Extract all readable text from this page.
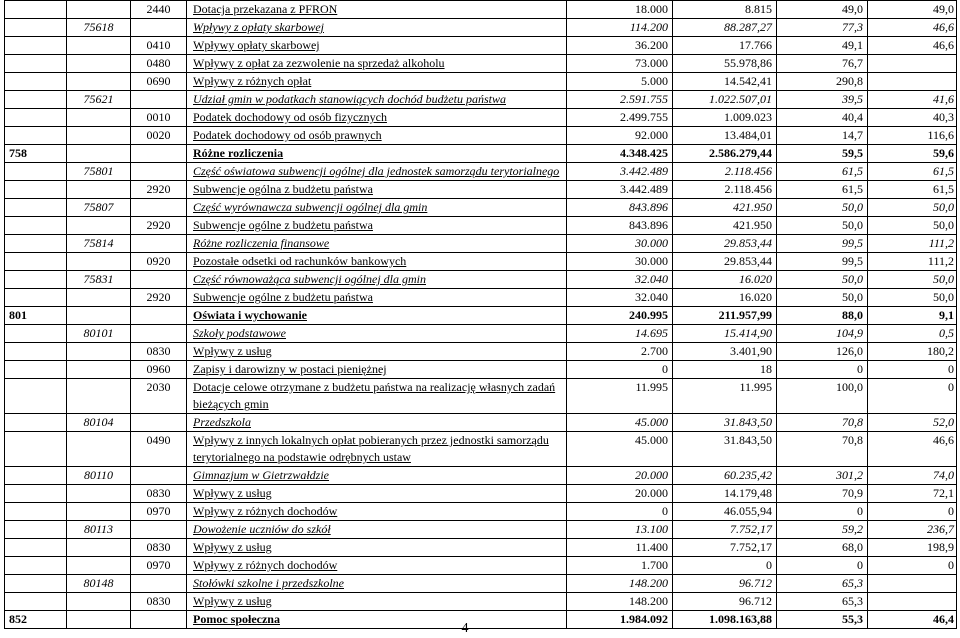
		2440	Dotacja przekazana z PFRON	18.000	8.815	49,0	49,0
	75618		Wpływy z opłaty skarbowej	114.200	88.287,27	77,3	46,6
		0410	Wpływy opłaty skarbowej	36.200	17.766	49,1	46,6
		0480	Wpływy z opłat za zezwolenie na sprzedaż alkoholu	73.000	55.978,86	76,7	
		0690	Wpływy z różnych opłat	5.000	14.542,41	290,8	
	75621		Udział gmin w podatkach stanowiących dochód budżetu państwa	2.591.755	1.022.507,01	39,5	41,6
		0010	Podatek dochodowy od osób fizycznych	2.499.755	1.009.023	40,4	40,3
		0020	Podatek dochodowy od osób prawnych	92.000	13.484,01	14,7	116,6
758			Różne rozliczenia	4.348.425	2.586.279,44	59,5	59,6
	75801		Część oświatowa subwencji ogólnej dla jednostek samorządu terytorialnego	3.442.489	2.118.456	61,5	61,5
		2920	Subwencje ogólna z budżetu państwa	3.442.489	2.118.456	61,5	61,5
	75807		Część wyrównawcza subwencji ogólnej dla gmin	843.896	421.950	50,0	50,0
		2920	Subwencje ogólne z budżetu państwa	843.896	421.950	50,0	50,0
	75814		Różne rozliczenia finansowe	30.000	29.853,44	99,5	111,2
		0920	Pozostałe odsetki od rachunków bankowych	30.000	29.853,44	99,5	111,2
	75831		Część równoważąca subwencji ogólnej dla gmin	32.040	16.020	50,0	50,0
		2920	Subwencje ogólne z budżetu państwa	32.040	16.020	50,0	50,0
801			Oświata i wychowanie	240.995	211.957,99	88,0	9,1
	80101		Szkoły podstawowe	14.695	15.414,90	104,9	0,5
		0830	Wpływy z usług	2.700	3.401,90	126,0	180,2
		0960	Zapisy i darowizny w postaci pieniężnej	0	18	0	0
		2030	Dotacje celowe otrzymane z budżetu państwa na realizację własnych zadań bieżących gmin	11.995	11.995	100,0	0
	80104		Przedszkola	45.000	31.843,50	70,8	52,0
		0490	Wpływy z innych lokalnych opłat pobieranych przez jednostki samorządu terytorialnego na podstawie odrębnych ustaw	45.000	31.843,50	70,8	46,6
	80110		Gimnazjum w Gietrzwałdzie	20.000	60.235,42	301,2	74,0
		0830	Wpływy z usług	20.000	14.179,48	70,9	72,1
		0970	Wpływy z różnych dochodów	0	46.055,94	0	0
	80113		Dowożenie uczniów do szkół	13.100	7.752,17	59,2	236,7
		0830	Wpływy z usług	11.400	7.752,17	68,0	198,9
		0970	Wpływy z różnych dochodów	1.700	0	0	0
	80148		Stołówki szkolne i przedszkolne	148.200	96.712	65,3	
		0830	Wpływy z usług	148.200	96.712	65,3	
852			Pomoc społeczna	1.984.092	1.098.163,88	55,3	46,4
4
